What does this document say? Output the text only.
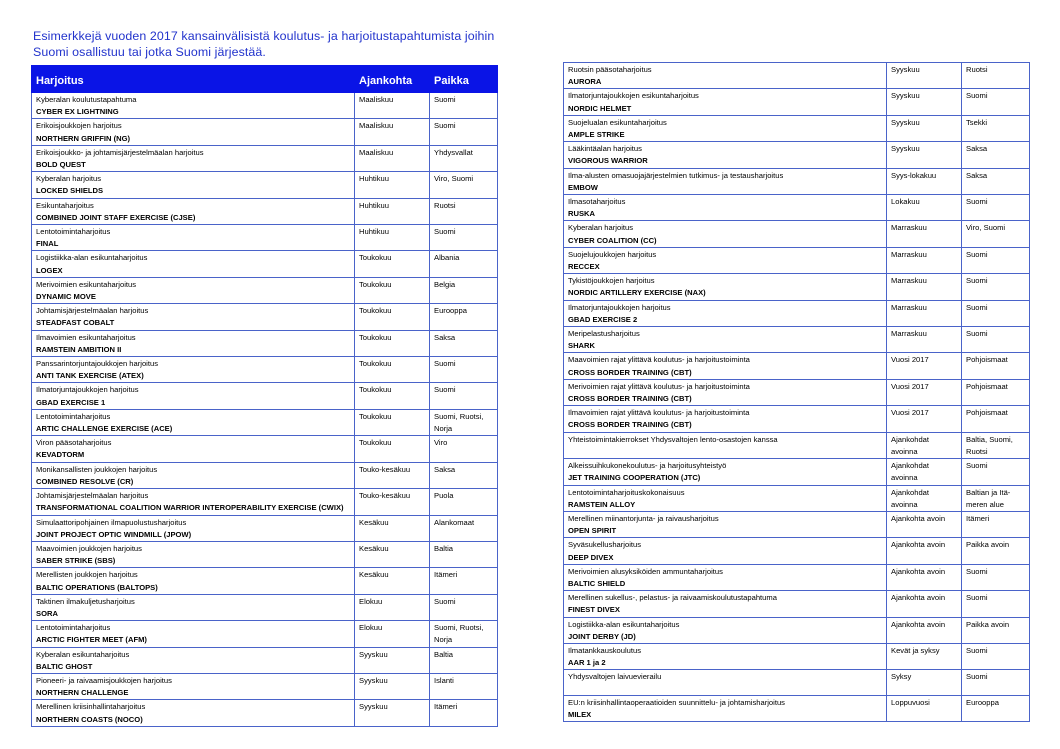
Esimerkkejä vuoden 2017 kansainvälisistä koulutus- ja harjoitustapahtumista joihin Suomi osallistuu tai jotka Suomi järjestää.
Harjoitus	Ajankohta	Paikka

Kyberalan koulutustapahtuma
CYBER EX LIGHTNING	Maaliskuu	Suomi

Erikoisjoukkojen harjoitus
NORTHERN GRIFFIN (NG)	Maaliskuu	Suomi

Erikoisjoukko- ja johtamisjärjestelmäalan harjoitus
BOLD QUEST	Maaliskuu	Yhdysvallat

Kyberalan harjoitus
LOCKED SHIELDS	Huhtikuu	Viro, Suomi

Esikuntaharjoitus
COMBINED JOINT STAFF EXERCISE (CJSE)	Huhtikuu	Ruotsi

Lentotoimintaharjoitus
FINAL	Huhtikuu	Suomi

Logistiikka-alan esikuntaharjoitus
LOGEX	Toukokuu	Albania

Merivoimien esikuntaharjoitus
DYNAMIC MOVE	Toukokuu	Belgia

Johtamisjärjestelmäalan harjoitus
STEADFAST COBALT	Toukokuu	Eurooppa

Ilmavoimien esikuntaharjoitus
RAMSTEIN AMBITION II	Toukokuu	Saksa

Panssarintorjuntajoukkojen harjoitus
ANTI TANK EXERCISE (ATEX)	Toukokuu	Suomi

Ilmatorjuntajoukkojen harjoitus
GBAD EXERCISE 1	Toukokuu	Suomi

Lentotoimintaharjoitus
ARTIC CHALLENGE EXERCISE (ACE)	Toukokuu	Suomi, Ruotsi, Norja

Viron pääsotaharjoitus
KEVADTORM	Toukokuu	Viro

Monikansallisten joukkojen harjoitus
COMBINED RESOLVE (CR)	Touko-kesäkuu	Saksa

Johtamisjärjestelmäalan harjoitus
TRANSFORMATIONAL COALITION WARRIOR INTEROPERABILITY EXERCISE (CWIX)	Touko-kesäkuu	Puola

Simulaattoripohjainen ilmapuolustusharjoitus
JOINT PROJECT OPTIC WINDMILL (JPOW)	Kesäkuu	Alankomaat

Maavoimien joukkojen harjoitus
SABER STRIKE (SBS)	Kesäkuu	Baltia

Merellisten joukkojen harjoitus
BALTIC OPERATIONS (BALTOPS)	Kesäkuu	Itämeri

Taktinen ilmakuljetusharjoitus
SORA	Elokuu	Suomi

Lentotoimintaharjoitus
ARCTIC FIGHTER MEET (AFM)	Elokuu	Suomi, Ruotsi, Norja

Kyberalan esikuntaharjoitus
BALTIC GHOST	Syyskuu	Baltia

Pioneeri- ja raivaamisjoukkojen harjoitus
NORTHERN CHALLENGE	Syyskuu	Islanti

Merellinen kriisinhallintaharjoitus
NORTHERN COASTS (NOCO)	Syyskuu	Itämeri
Ruotsin pääsotaharjoitus
AURORA	Syyskuu	Ruotsi

Ilmatorjuntajoukkojen esikuntaharjoitus
NORDIC HELMET	Syyskuu	Suomi

Suojelualan esikuntaharjoitus
AMPLE STRIKE	Syyskuu	Tsekki

Lääkintäalan harjoitus
VIGOROUS WARRIOR	Syyskuu	Saksa

Ilma-alusten omasuojajärjestelmien tutkimus- ja testausharjoitus
EMBOW	Syys-lokakuu	Saksa

Ilmasotaharjoitus
RUSKA	Lokakuu	Suomi

Kyberalan harjoitus
CYBER COALITION (CC)	Marraskuu	Viro, Suomi

Suojelujoukkojen harjoitus
RECCEX	Marraskuu	Suomi

Tykistöjoukkojen harjoitus
NORDIC ARTILLERY EXERCISE (NAX)	Marraskuu	Suomi

Ilmatorjuntajoukkojen harjoitus
GBAD EXERCISE 2	Marraskuu	Suomi

Meripelastusharjoitus
SHARK	Marraskuu	Suomi

Maavoimien rajat ylittävä koulutus- ja harjoitustoiminta
CROSS BORDER TRAINING (CBT)	Vuosi 2017	Pohjoismaat

Merivoimien rajat ylittävä koulutus- ja harjoitustoiminta
CROSS BORDER TRAINING (CBT)	Vuosi 2017	Pohjoismaat

Ilmavoimien rajat ylittävä koulutus- ja harjoitustoiminta
CROSS BORDER TRAINING (CBT)	Vuosi 2017	Pohjoismaat

Yhteistoimintakierrokset Yhdysvaltojen lento-osastojen kanssa	Ajankohdat avoinna	Baltia, Suomi, Ruotsi

Alkeissuihkukonekoulutus- ja harjoitusyhteistyö
JET TRAINING COOPERATION (JTC)	Ajankohdat avoinna	Suomi

Lentotoimintaharjoituskokonaisuus
RAMSTEIN ALLOY	Ajankohdat avoinna	Baltian ja Itä-meren alue

Merellinen miinantorjunta- ja raivausharjoitus
OPEN SPIRIT	Ajankohta avoin	Itämeri

Syväsukellusharjoitus
DEEP DIVEX	Ajankohta avoin	Paikka avoin

Merivoimien alusyksiköiden ammuntaharjoitus
BALTIC SHIELD	Ajankohta avoin	Suomi

Merellinen sukellus-, pelastus- ja raivaamiskoulutustapahtuma
FINEST DIVEX	Ajankohta avoin	Suomi

Logistiikka-alan esikuntaharjoitus
JOINT DERBY (JD)	Ajankohta avoin	Paikka avoin

Ilmatankkauskoulutus
AAR 1 ja 2	Kevät ja syksy	Suomi

Yhdysvaltojen laivuevierailu	Syksy	Suomi

EU:n kriisinhallintaoperaatioiden suunnittelu- ja johtamisharjoitus
MILEX	Loppuvuosi	Eurooppa
